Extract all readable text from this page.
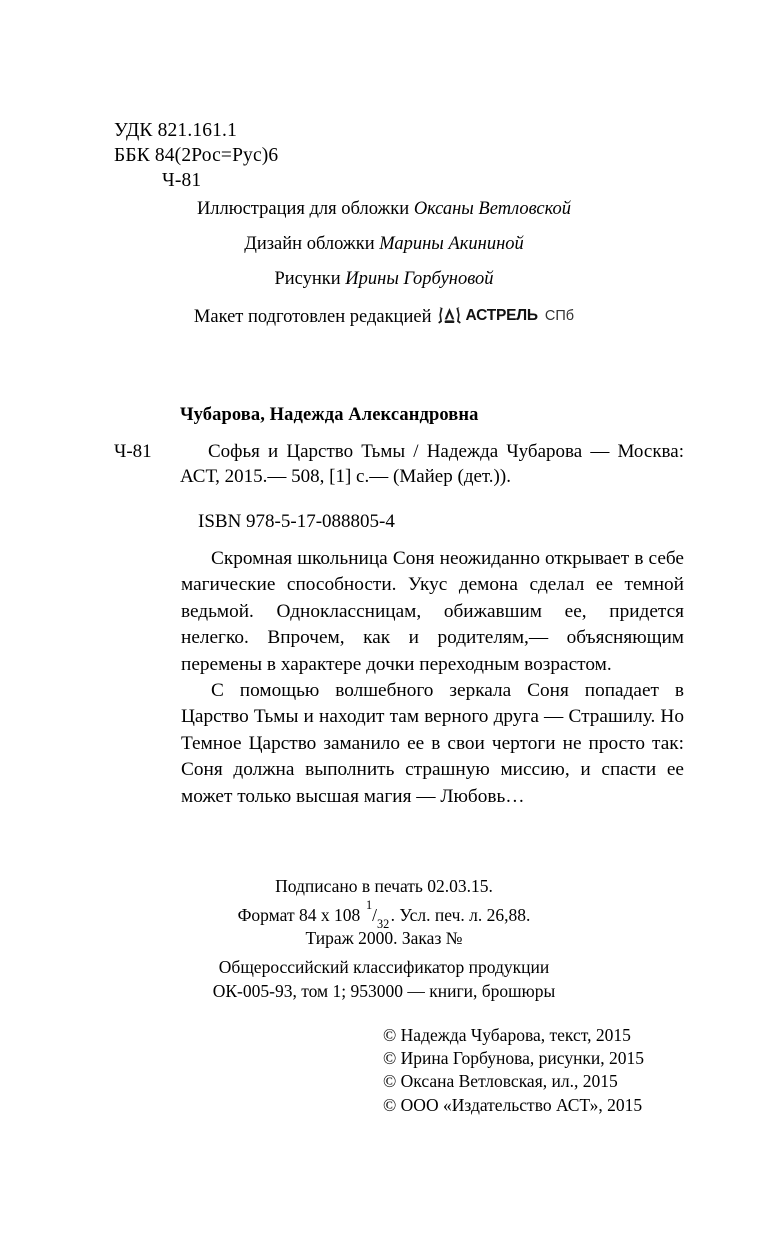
УДК 821.161.1
ББК 84(2Рос=Рус)6
Ч-81
Иллюстрация для обложки Оксаны Ветловской
Дизайн обложки Марины Акининой
Рисунки Ирины Горбуновой
Макет подготовлен редакцией АСТРЕЛЬ СПб
Чубарова, Надежда Александровна
Ч-81	Софья и Царство Тьмы / Надежда Чубарова — Москва: АСТ, 2015.— 508, [1] с.— (Майер (дет.)).
ISBN 978-5-17-088805-4

Скромная школьница Соня неожиданно открывает в себе магические способности. Укус демона сделал ее темной ведьмой. Одноклассницам, обижавшим ее, придется нелегко. Впрочем, как и родителям,— объясняющим перемены в характере дочки переходным возрастом.

С помощью волшебного зеркала Соня попадает в Царство Тьмы и находит там верного друга — Страшилу. Но Темное Царство заманило ее в свои чертоги не просто так: Соня должна выполнить страшную миссию, и спасти ее может только высшая магия — Любовь…

Подписано в печать 02.03.15.
Формат 84 х 108 $^1/_{32}$. Усл. печ. л. 26,88.
Тираж 2000. Заказ №
Общероссийский классификатор продукции
ОК-005-93, том 1; 953000 — книги, брошюры
© Надежда Чубарова, текст, 2015
© Ирина Горбунова, рисунки, 2015
© Оксана Ветловская, ил., 2015
© ООО «Издательство АСТ», 2015
